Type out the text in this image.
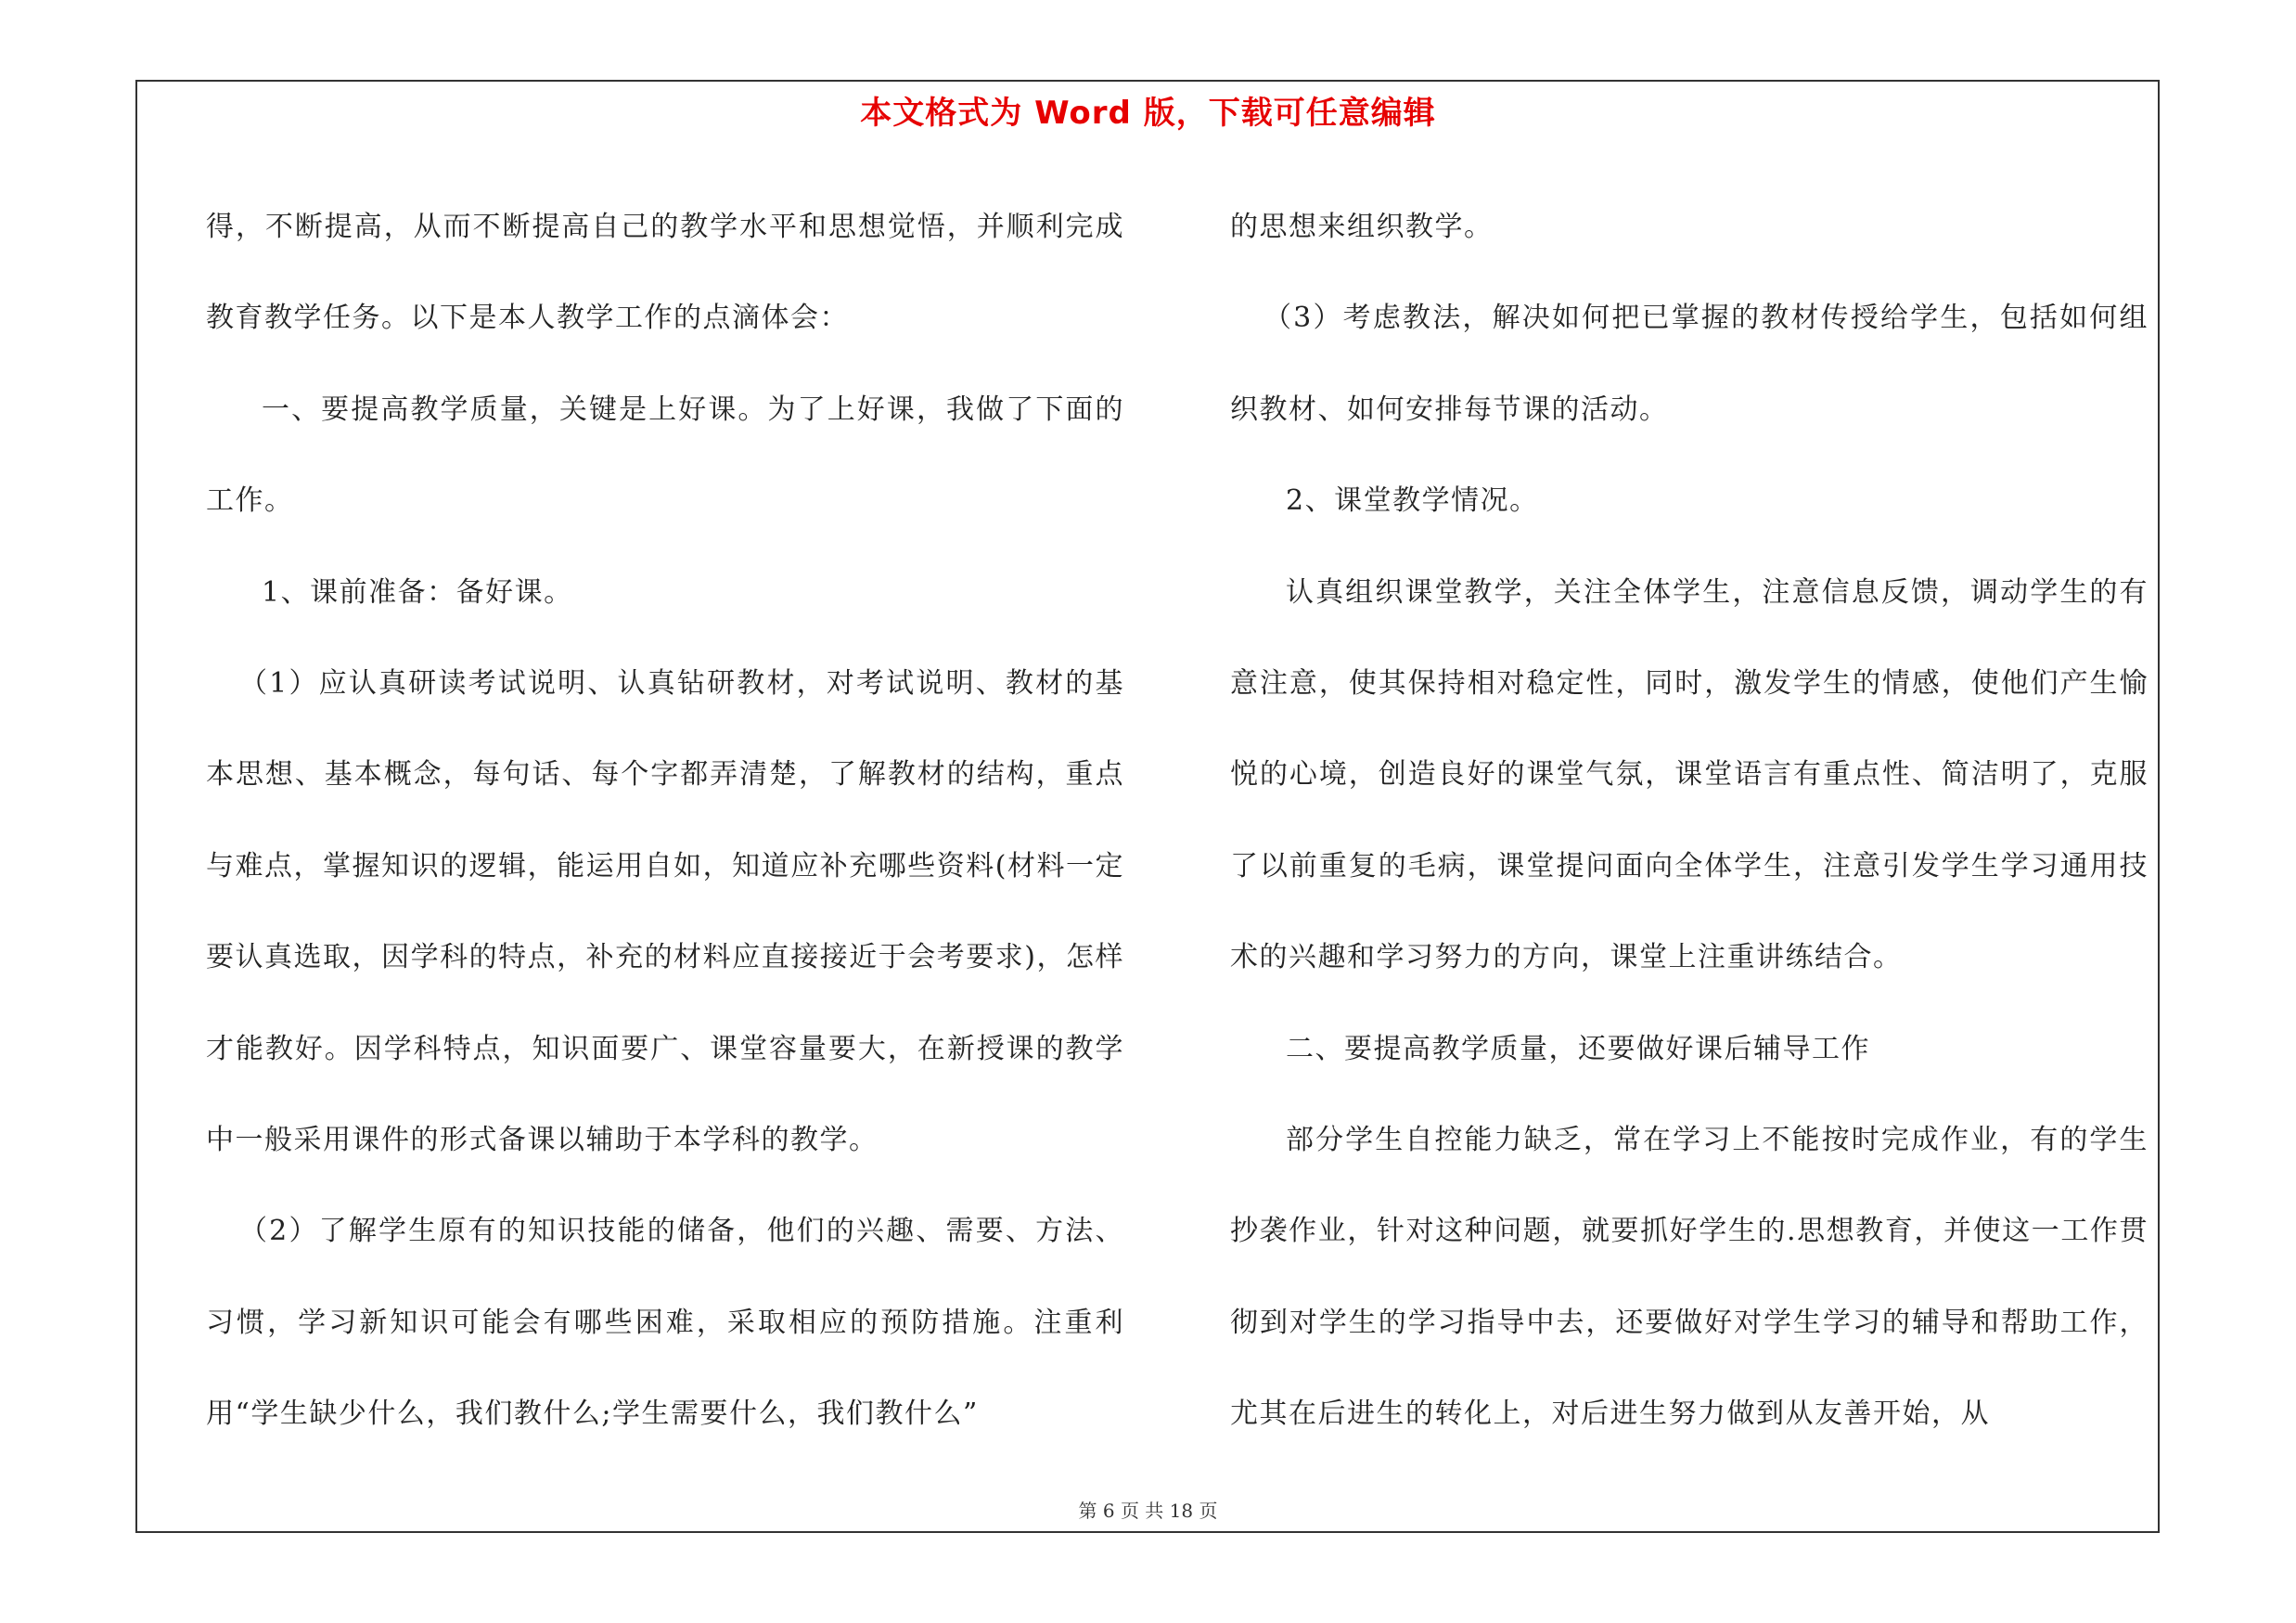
本文格式为 Word 版，下载可任意编辑

得，不断提高，从而不断提高自己的教学水平和思想觉悟，并顺利完成教育教学任务。以下是本人教学工作的点滴体会：

一、要提高教学质量，关键是上好课。为了上好课，我做了下面的工作。

1、课前准备：备好课。

（1）应认真研读考试说明、认真钻研教材，对考试说明、教材的基本思想、基本概念，每句话、每个字都弄清楚，了解教材的结构，重点与难点，掌握知识的逻辑，能运用自如，知道应补充哪些资料(材料一定要认真选取，因学科的特点，补充的材料应直接接近于会考要求)，怎样才能教好。因学科特点，知识面要广、课堂容量要大，在新授课的教学中一般采用课件的形式备课以辅助于本学科的教学。

（2）了解学生原有的知识技能的储备，他们的兴趣、需要、方法、习惯，学习新知识可能会有哪些困难，采取相应的预防措施。注重利用“学生缺少什么，我们教什么;学生需要什么，我们教什么”

的思想来组织教学。

（3）考虑教法，解决如何把已掌握的教材传授给学生，包括如何组织教材、如何安排每节课的活动。

2、课堂教学情况。

认真组织课堂教学，关注全体学生，注意信息反馈，调动学生的有意注意，使其保持相对稳定性，同时，激发学生的情感，使他们产生愉悦的心境，创造良好的课堂气氛，课堂语言有重点性、简洁明了，克服了以前重复的毛病，课堂提问面向全体学生，注意引发学生学习通用技术的兴趣和学习努力的方向，课堂上注重讲练结合。

二、要提高教学质量，还要做好课后辅导工作

部分学生自控能力缺乏，常在学习上不能按时完成作业，有的学生抄袭作业，针对这种问题，就要抓好学生的.思想教育，并使这一工作贯彻到对学生的学习指导中去，还要做好对学生学习的辅导和帮助工作，尤其在后进生的转化上，对后进生努力做到从友善开始，从

第 6 页 共 18 页
